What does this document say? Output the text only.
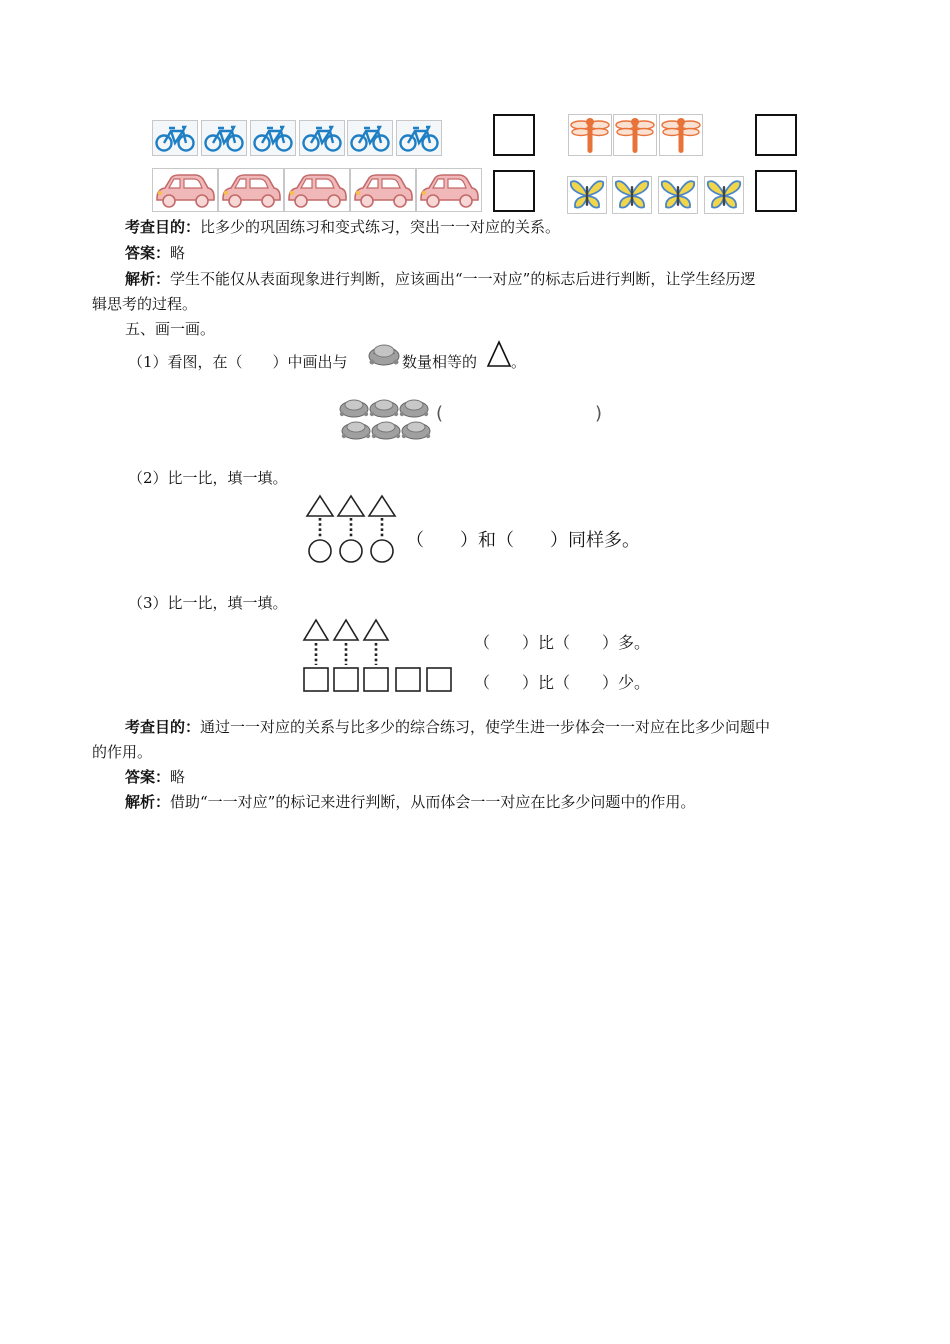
考查目的：比多少的巩固练习和变式练习，突出一一对应的关系。
答案：略
解析：学生不能仅从表面现象进行判断，应该画出“一一对应”的标志后进行判断，让学生经历逻
辑思考的过程。
五、画一画。
（1）看图，在（　　）中画出与	数量相等的 。
(	)
（2）比一比，填一填。
（　　）和（　　）同样多。
（3）比一比，填一填。
（　　）比（　　）多。
（　　）比（　　）少。
考查目的：通过一一对应的关系与比多少的综合练习，使学生进一步体会一一对应在比多少问题中
的作用。
答案：略
解析：借助“一一对应”的标记来进行判断，从而体会一一对应在比多少问题中的作用。
